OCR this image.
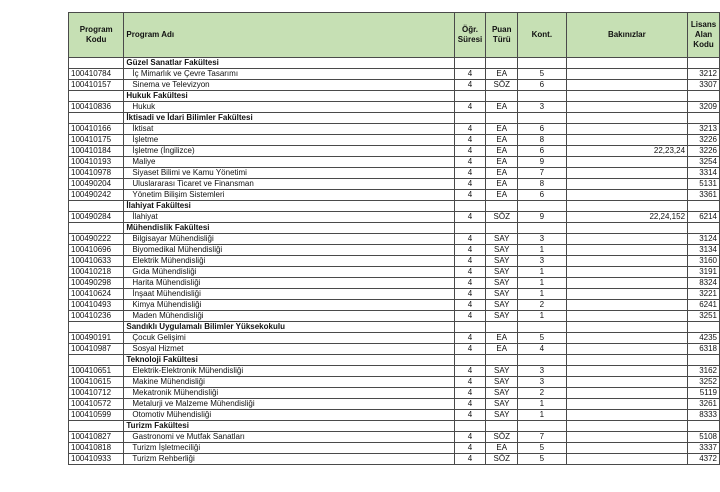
Program Kodu	Program Adı	Öğr. Süresi	Puan Türü	Kont.	Bakınızlar	Lisans Alan Kodu
	Güzel Sanatlar Fakültesi					
100410784	İç Mimarlık ve Çevre Tasarımı	4	EA	5		3212
100410157	Sinema ve Televizyon	4	SÖZ	6		3307
	Hukuk Fakültesi					
100410836	Hukuk	4	EA	3		3209
	İktisadi ve İdari Bilimler Fakültesi					
100410166	İktisat	4	EA	6		3213
100410175	İşletme	4	EA	8		3226
100410184	İşletme (İngilizce)	4	EA	6	22,23,24	3226
100410193	Maliye	4	EA	9		3254
100410978	Siyaset Bilimi ve Kamu Yönetimi	4	EA	7		3314
100490204	Uluslararası Ticaret ve Finansman	4	EA	8		5131
100490242	Yönetim Bilişim Sistemleri	4	EA	6		3361
	İlahiyat Fakültesi					
100490284	İlahiyat	4	SÖZ	9	22,24,152	6214
	Mühendislik Fakültesi					
100490222	Bilgisayar Mühendisliği	4	SAY	3		3124
100410696	Biyomedikal Mühendisliği	4	SAY	1		3134
100410633	Elektrik Mühendisliği	4	SAY	3		3160
100410218	Gıda Mühendisliği	4	SAY	1		3191
100490298	Harita Mühendisliği	4	SAY	1		8324
100410624	İnşaat Mühendisliği	4	SAY	1		3221
100410493	Kimya Mühendisliği	4	SAY	2		6241
100410236	Maden Mühendisliği	4	SAY	1		3251
	Sandıklı Uygulamalı Bilimler Yüksekokulu					
100490191	Çocuk Gelişimi	4	EA	5		4235
100410987	Sosyal Hizmet	4	EA	4		6318
	Teknoloji Fakültesi					
100410651	Elektrik-Elektronik Mühendisliği	4	SAY	3		3162
100410615	Makine Mühendisliği	4	SAY	3		3252
100410712	Mekatronik Mühendisliği	4	SAY	2		5119
100410572	Metalurji ve Malzeme Mühendisliği	4	SAY	1		3261
100410599	Otomotiv Mühendisliği	4	SAY	1		8333
	Turizm Fakültesi					
100410827	Gastronomi ve Mutfak Sanatları	4	SÖZ	7		5108
100410818	Turizm İşletmeciliği	4	EA	5		3337
100410933	Turizm Rehberliği	4	SÖZ	5		4372
